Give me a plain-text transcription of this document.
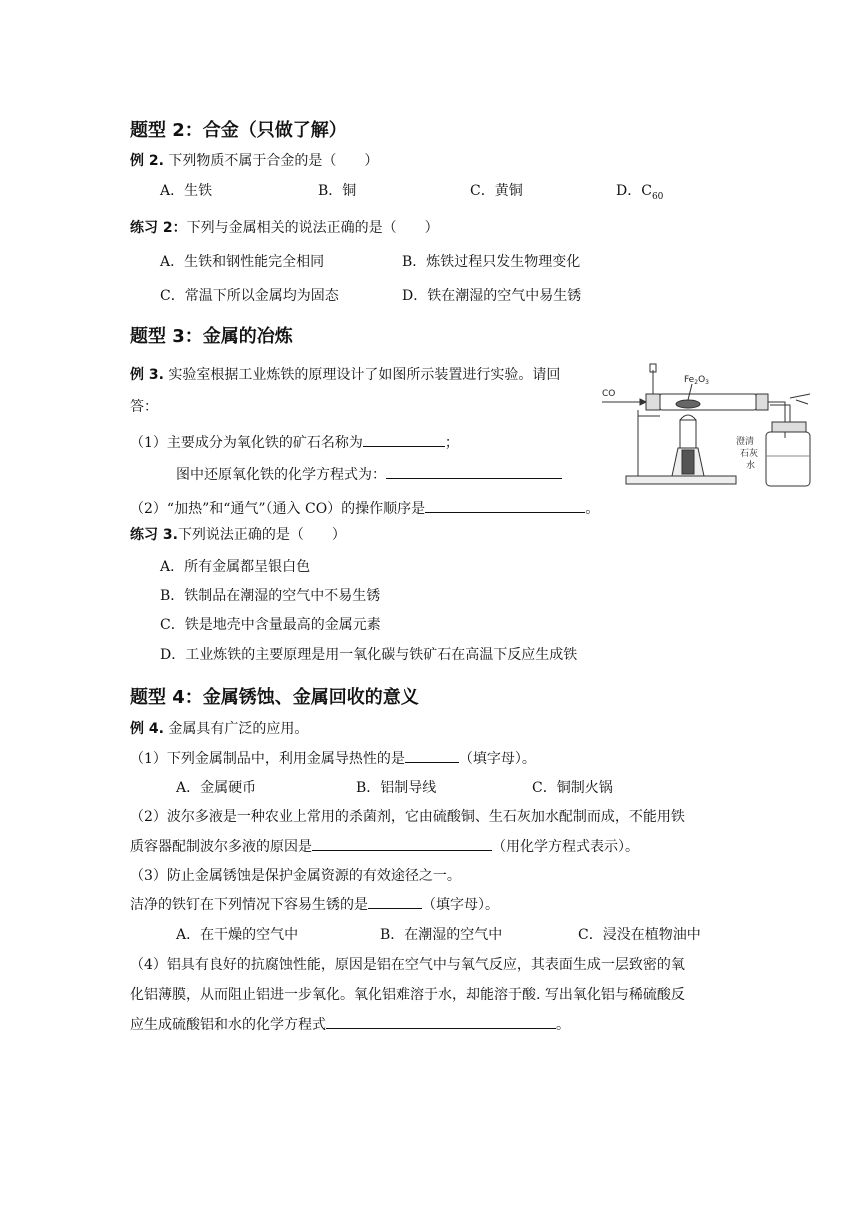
题型 2：合金（只做了解）
例 2. 下列物质不属于合金的是（　　）
A．生铁	B．铜	C．黄铜	D．$C_{60}$
练习 2：下列与金属相关的说法正确的是（　　）
A．生铁和钢性能完全相同	B．炼铁过程只发生物理变化
C．常温下所以金属均为固态	D．铁在潮湿的空气中易生锈
题型 3：金属的冶炼
例 3. 实验室根据工业炼铁的原理设计了如图所示装置进行实验。请回
答：
（1）主要成分为氧化铁的矿石名称为	；
图中还原氧化铁的化学方程式为：
（2）“加热”和“通气”（通入 CO）的操作顺序是	。
CO
$Fe_2O_3$
澄清
石灰
水
练习 3.下列说法正确的是（　　）
A．所有金属都呈银白色
B．铁制品在潮湿的空气中不易生锈
C．铁是地壳中含量最高的金属元素
D．工业炼铁的主要原理是用一氧化碳与铁矿石在高温下反应生成铁
题型 4：金属锈蚀、金属回收的意义
例 4. 金属具有广泛的应用。
（1）下列金属制品中，利用金属导热性的是	（填字母）。
A．金属硬币	B．铝制导线	C．铜制火锅
（2）波尔多液是一种农业上常用的杀菌剂，它由硫酸铜、生石灰加水配制而成，不能用铁
质容器配制波尔多液的原因是	（用化学方程式表示）。
（3）防止金属锈蚀是保护金属资源的有效途径之一。
洁净的铁钉在下列情况下容易生锈的是	（填字母）。
A．在干燥的空气中	B．在潮湿的空气中	C．浸没在植物油中
（4）铝具有良好的抗腐蚀性能，原因是铝在空气中与氧气反应，其表面生成一层致密的氧
化铝薄膜，从而阻止铝进一步氧化。氧化铝难溶于水，却能溶于酸. 写出氧化铝与稀硫酸反
应生成硫酸铝和水的化学方程式	。
